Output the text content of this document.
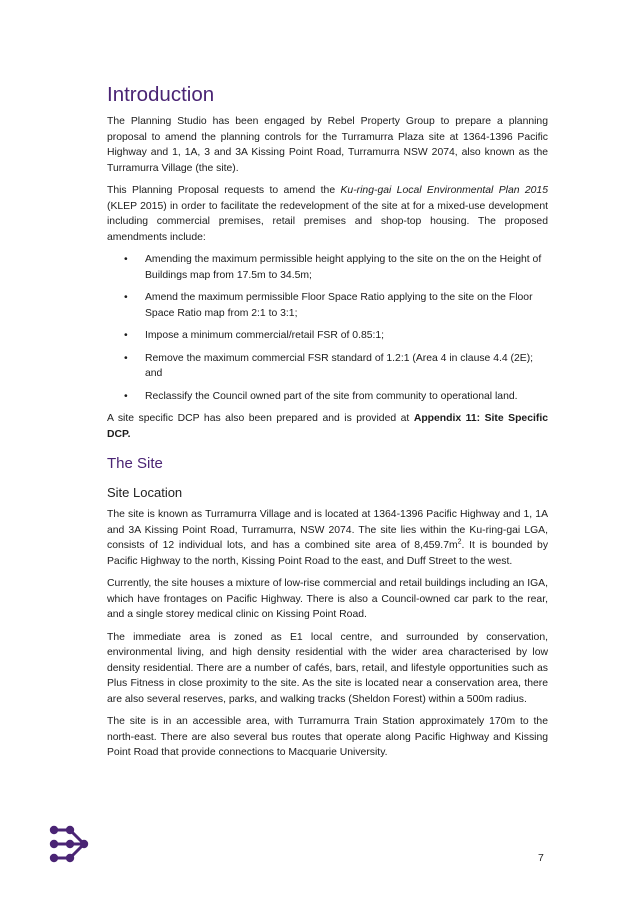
Introduction

The Planning Studio has been engaged by Rebel Property Group to prepare a planning proposal to amend the planning controls for the Turramurra Plaza site at 1364-1396 Pacific Highway and 1, 1A, 3 and 3A Kissing Point Road, Turramurra NSW 2074, also known as the Turramurra Village (the site).

This Planning Proposal requests to amend the Ku-ring-gai Local Environmental Plan 2015 (KLEP 2015) in order to facilitate the redevelopment of the site at for a mixed-use development including commercial premises, retail premises and shop-top housing. The proposed amendments include:

• Amending the maximum permissible height applying to the site on the on the Height of Buildings map from 17.5m to 34.5m;
• Amend the maximum permissible Floor Space Ratio applying to the site on the Floor Space Ratio map from 2:1 to 3:1;
• Impose a minimum commercial/retail FSR of 0.85:1;
• Remove the maximum commercial FSR standard of 1.2:1 (Area 4 in clause 4.4 (2E); and
• Reclassify the Council owned part of the site from community to operational land.

A site specific DCP has also been prepared and is provided at Appendix 11: Site Specific DCP.

The Site
Site Location

The site is known as Turramurra Village and is located at 1364-1396 Pacific Highway and 1, 1A and 3A Kissing Point Road, Turramurra, NSW 2074. The site lies within the Ku-ring-gai LGA, consists of 12 individual lots, and has a combined site area of $8,459.7m^2$. It is bounded by Pacific Highway to the north, Kissing Point Road to the east, and Duff Street to the west.

Currently, the site houses a mixture of low-rise commercial and retail buildings including an IGA, which have frontages on Pacific Highway. There is also a Council-owned car park to the rear, and a single storey medical clinic on Kissing Point Road.

The immediate area is zoned as E1 local centre, and surrounded by conservation, environmental living, and high density residential with the wider area characterised by low density residential. There are a number of cafés, bars, retail, and lifestyle opportunities such as Plus Fitness in close proximity to the site. As the site is located near a conservation area, there are also several reserves, parks, and walking tracks (Sheldon Forest) within a 500m radius.

The site is in an accessible area, with Turramurra Train Station approximately 170m to the north-east. There are also several bus routes that operate along Pacific Highway and Kissing Point Road that provide connections to Macquarie University.

7
